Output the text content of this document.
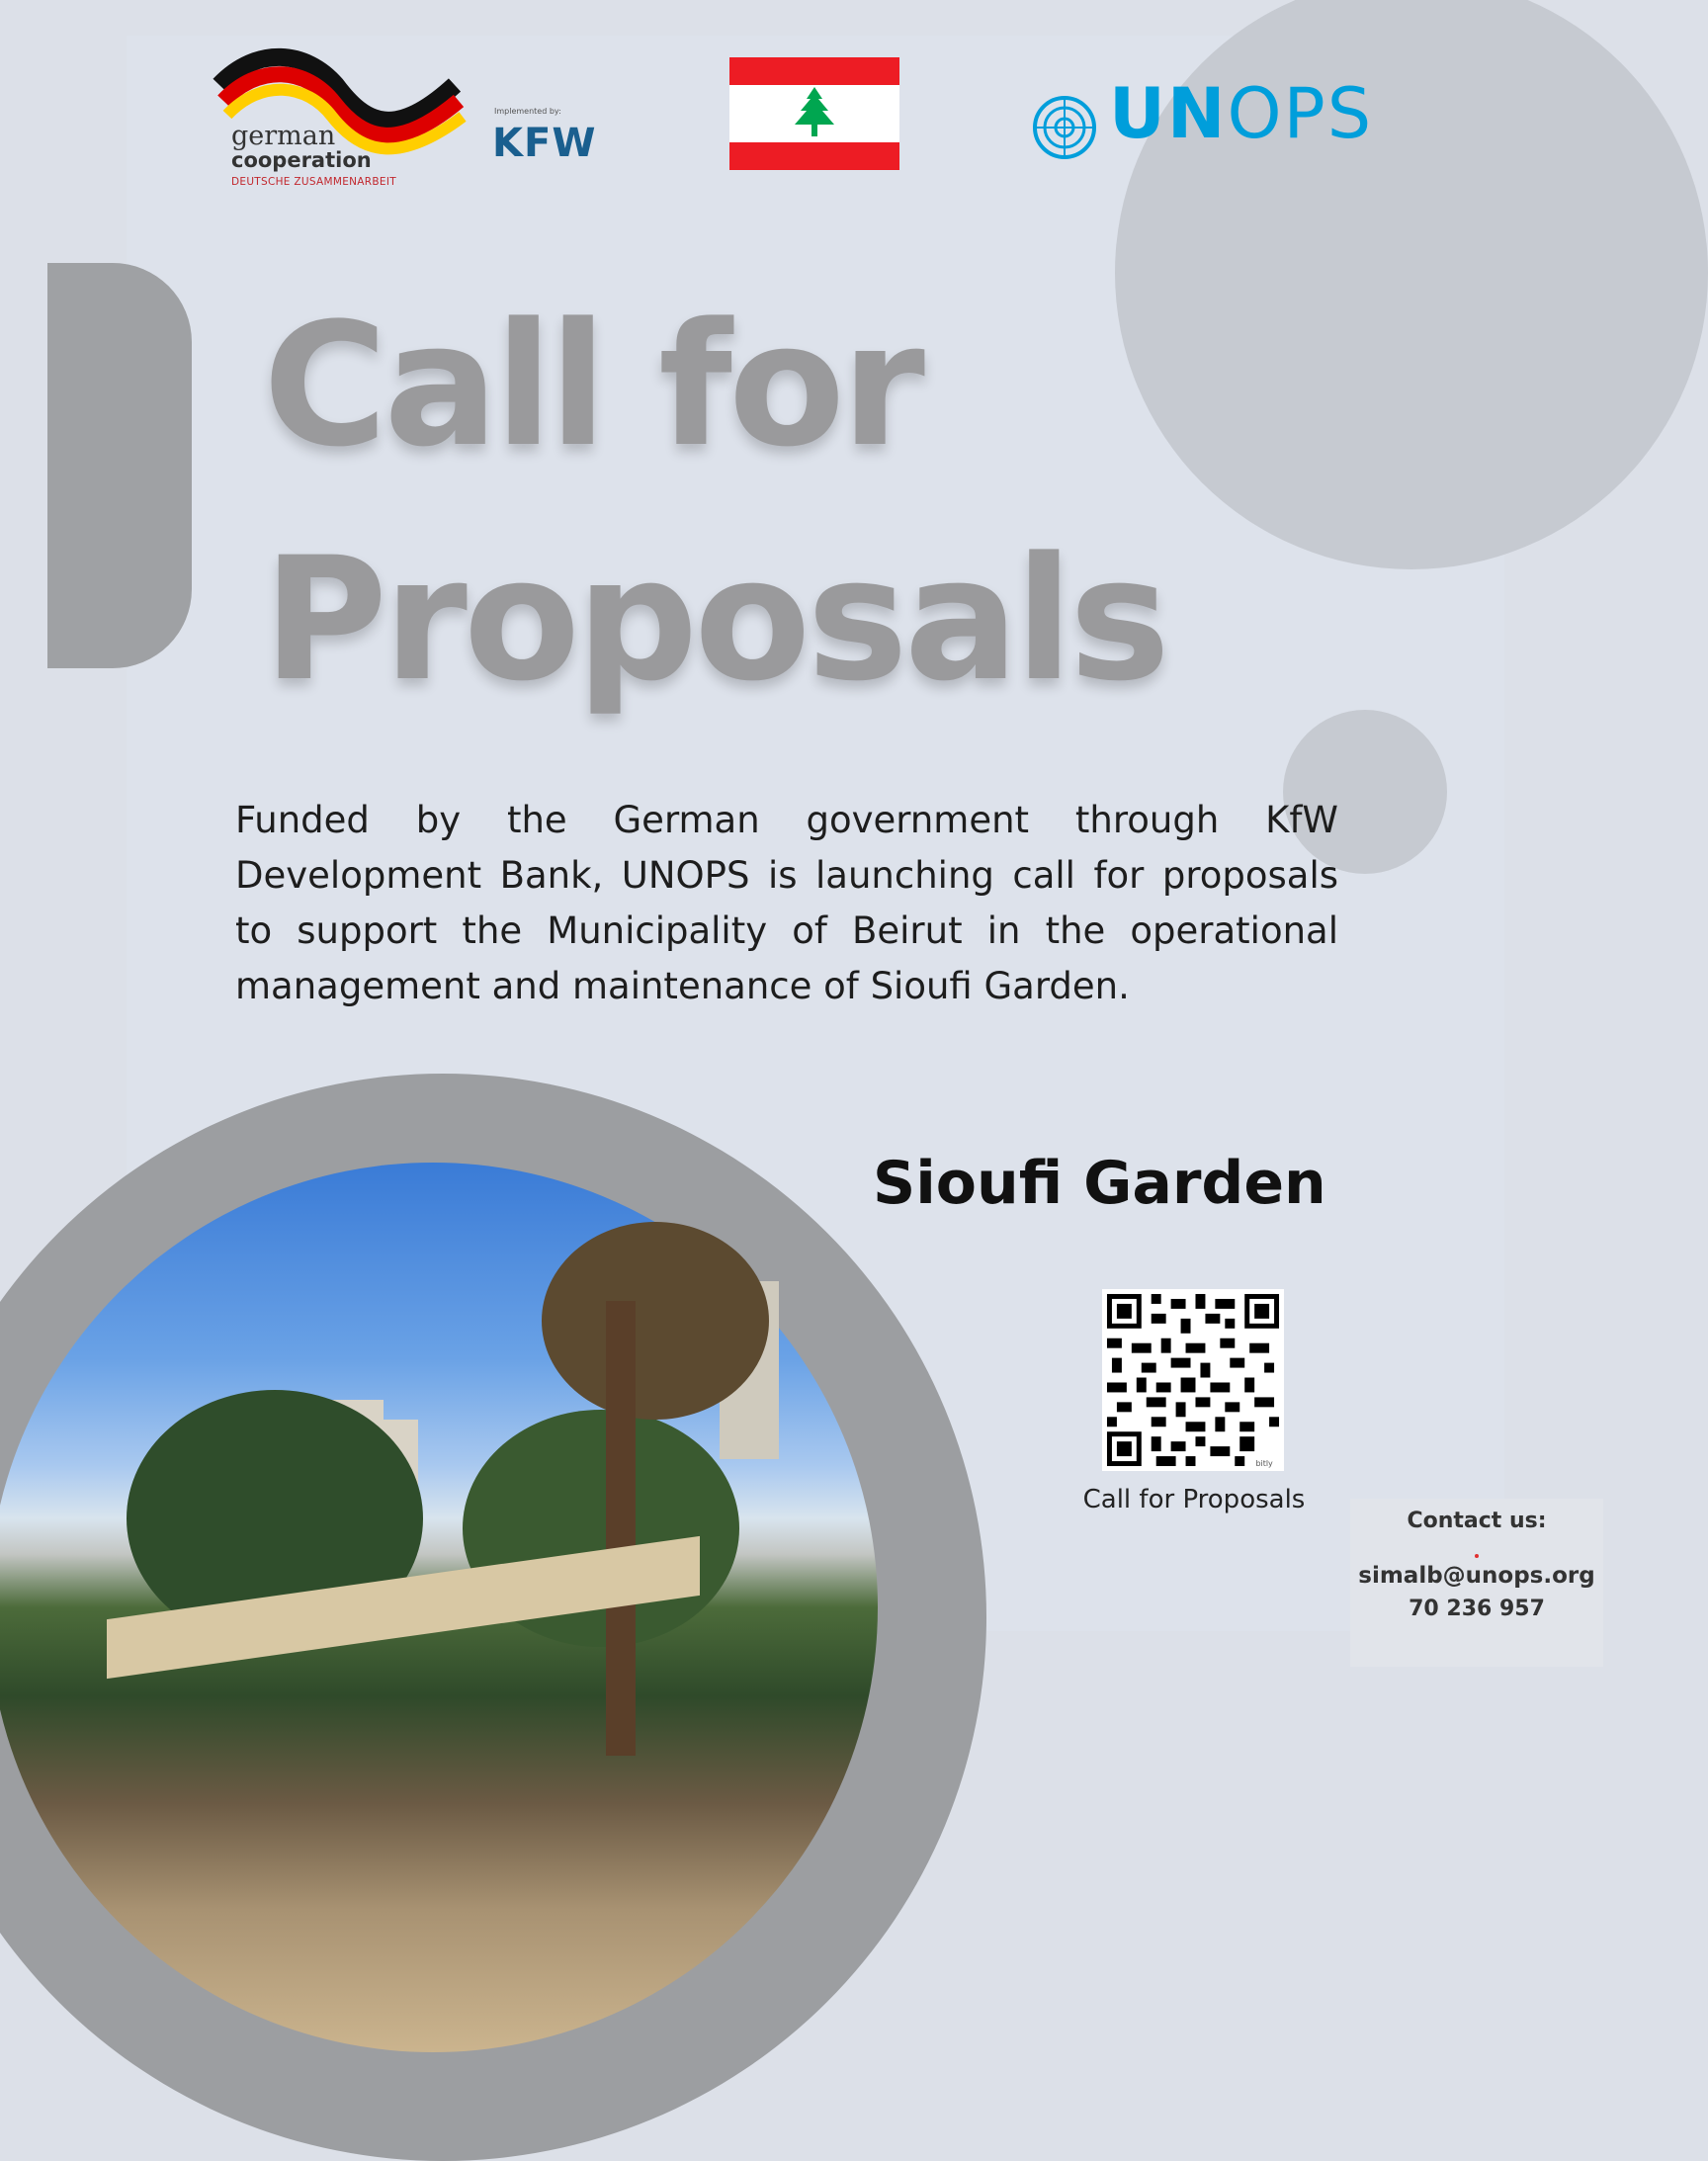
german
cooperation
DEUTSCHE ZUSAMMENARBEIT
Implemented by:
KFW	UNOPS
Call for
Proposals

Funded by the German government through KfW Development Bank, UNOPS is launching call for proposals to support the Municipality of Beirut in the operational management and maintenance of Sioufi Garden.

Sioufi Garden
bitly
Call for Proposals
Contact us:
simalb@unops.org
70 236 957
